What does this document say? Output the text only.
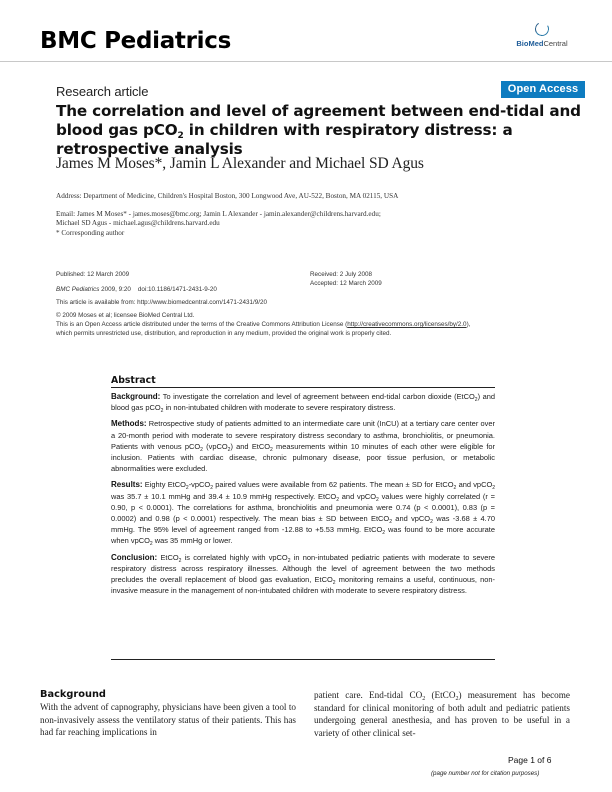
BMC Pediatrics	BioMedCentral
Research article	Open Access
The correlation and level of agreement between end-tidal and blood gas pCO$_2$ in children with respiratory distress: a retrospective analysis
James M Moses*, Jamin L Alexander and Michael SD Agus
Address: Department of Medicine, Children's Hospital Boston, 300 Longwood Ave, AU-522, Boston, MA 02115, USA
Email: James M Moses* - james.moses@bmc.org; Jamin L Alexander - jamin.alexander@childrens.harvard.edu;
Michael SD Agus - michael.agus@childrens.harvard.edu
* Corresponding author
Published: 12 March 2009
BMC Pediatrics 2009, 9:20    doi:10.1186/1471-2431-9-20
Received: 2 July 2008
Accepted: 12 March 2009
This article is available from: http://www.biomedcentral.com/1471-2431/9/20
© 2009 Moses et al; licensee BioMed Central Ltd.
This is an Open Access article distributed under the terms of the Creative Commons Attribution License (http://creativecommons.org/licenses/by/2.0),
which permits unrestricted use, distribution, and reproduction in any medium, provided the original work is properly cited.
Abstract

Background: To investigate the correlation and level of agreement between end-tidal carbon dioxide (EtCO$_2$) and blood gas pCO$_2$ in non-intubated children with moderate to severe respiratory distress.

Methods: Retrospective study of patients admitted to an intermediate care unit (InCU) at a tertiary care center over a 20-month period with moderate to severe respiratory distress secondary to asthma, bronchiolitis, or pneumonia. Patients with venous pCO$_2$ (vpCO$_2$) and EtCO$_2$ measurements within 10 minutes of each other were eligible for inclusion. Patients with cardiac disease, chronic pulmonary disease, poor tissue perfusion, or metabolic abnormalities were excluded.

Results: Eighty EtCO$_2$-vpCO$_2$ paired values were available from 62 patients. The mean ± SD for EtCO$_2$ and vpCO$_2$ was 35.7 ± 10.1 mmHg and 39.4 ± 10.9 mmHg respectively. EtCO$_2$ and vpCO$_2$ values were highly correlated (r = 0.90, p < 0.0001). The correlations for asthma, bronchiolitis and pneumonia were 0.74 (p < 0.0001), 0.83 (p = 0.0002) and 0.98 (p < 0.0001) respectively. The mean bias ± SD between EtCO$_2$ and vpCO$_2$ was -3.68 ± 4.70 mmHg. The 95% level of agreement ranged from -12.88 to +5.53 mmHg. EtCO$_2$ was found to be more accurate when vpCO$_2$ was 35 mmHg or lower.

Conclusion: EtCO$_2$ is correlated highly with vpCO$_2$ in non-intubated pediatric patients with moderate to severe respiratory distress across respiratory illnesses. Although the level of agreement between the two methods precludes the overall replacement of blood gas evaluation, EtCO$_2$ monitoring remains a useful, continuous, non-invasive measure in the management of non-intubated children with moderate to severe respiratory distress.

Background

With the advent of capnography, physicians have been given a tool to non-invasively assess the ventilatory status of their patients. This has had far reaching implications in

patient care. End-tidal $CO_2$ (EtCO$_2$) measurement has become standard for clinical monitoring of both adult and pediatric patients undergoing general anesthesia, and has proven to be useful in a variety of other clinical set-

Page 1 of 6
(page number not for citation purposes)
